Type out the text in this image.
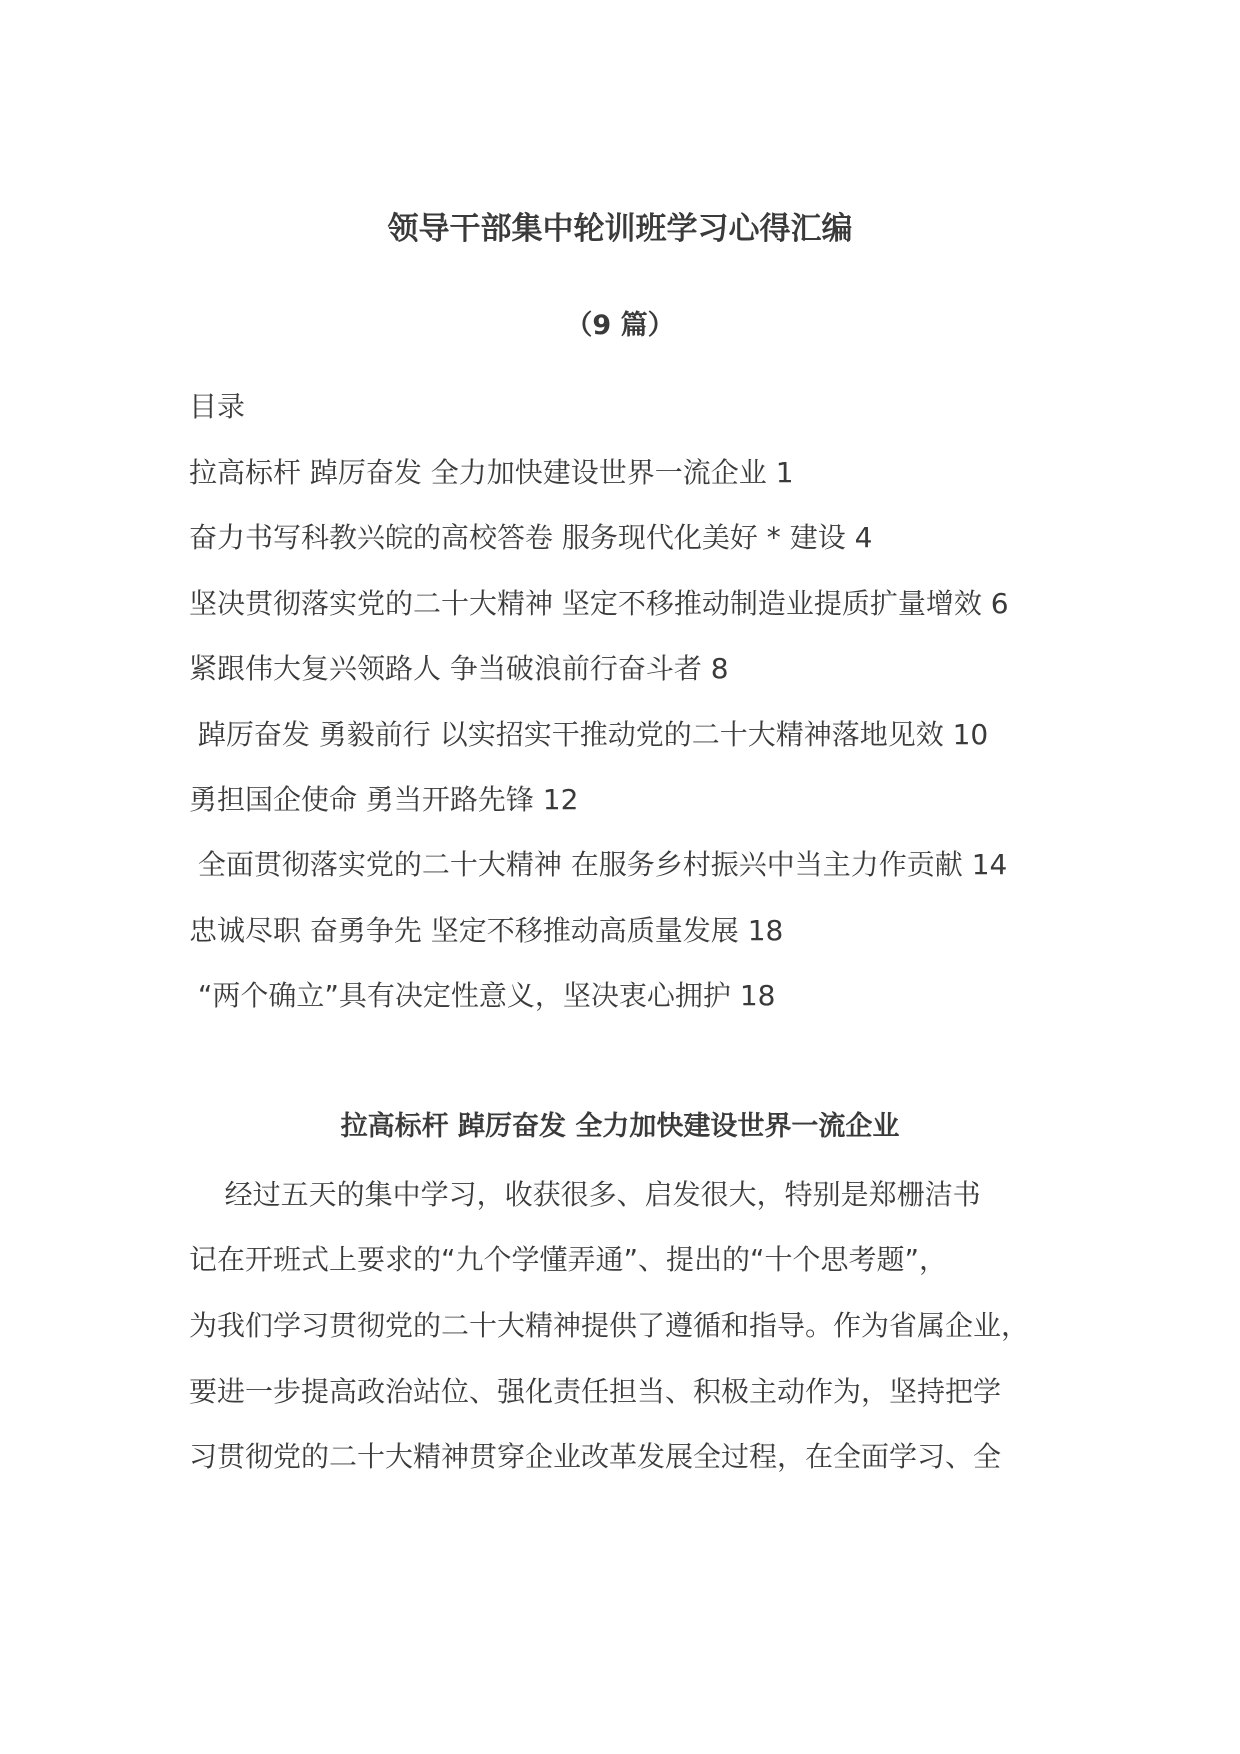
领导干部集中轮训班学习心得汇编
（9 篇）
目录
拉高标杆 踔厉奋发 全力加快建设世界一流企业 1
奋力书写科教兴皖的高校答卷 服务现代化美好 * 建设 4
坚决贯彻落实党的二十大精神 坚定不移推动制造业提质扩量增效 6
紧跟伟大复兴领路人 争当破浪前行奋斗者 8
踔厉奋发 勇毅前行 以实招实干推动党的二十大精神落地见效 10
勇担国企使命 勇当开路先锋 12
全面贯彻落实党的二十大精神 在服务乡村振兴中当主力作贡献 14
忠诚尽职 奋勇争先 坚定不移推动高质量发展 18
“两个确立”具有决定性意义，坚决衷心拥护 18
拉高标杆 踔厉奋发 全力加快建设世界一流企业
经过五天的集中学习，收获很多、启发很大，特别是郑栅洁书
记在开班式上要求的“九个学懂弄通”、提出的“十个思考题”，
为我们学习贯彻党的二十大精神提供了遵循和指导。作为省属企业，
要进一步提高政治站位、强化责任担当、积极主动作为，坚持把学
习贯彻党的二十大精神贯穿企业改革发展全过程，在全面学习、全
